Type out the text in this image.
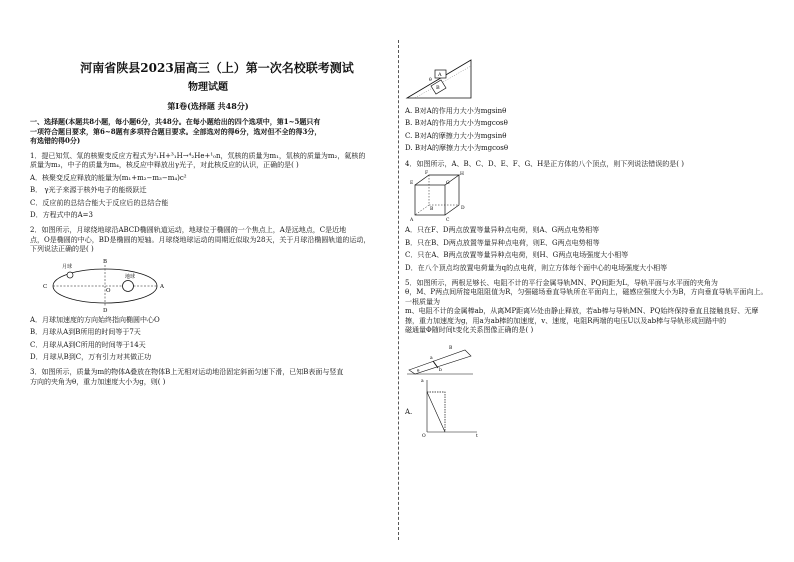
河南省陕县2023届高三（上）第一次名校联考测试
物理试题
第Ⅰ卷(选择题 共48分)

一、选择题(本题共8小题，每小题6分，共48分。在每小题给出的四个选项中，第1~5题只有

一项符合题目要求，第6~8题有多项符合题目要求。全部选对的得6分，选对但不全的得3分，

有选错的得0分)

1．提已知氘、氚的核聚变反应方程式为²₁H+³₁H→⁴₂He+¹₀n，氘核的质量为m₁，氚核的质量为m₂，氦核的

质量为m₃，中子的质量为m₄，核反应中释放出γ光子，对此核反应的认识，正确的是( )

A．核聚变反应释放的能量为(m₁+m₂−m₃−m₄)c²

B． γ光子来源于核外电子的能级跃迁

C．反应前的总结合能大于反应后的总结合能

D．方程式中的A=3

2．如图所示，月球绕地球沿ABCD椭圆轨道运动，地球位于椭圆的一个焦点上，A是远地点，C是近地

点，O是椭圆的中心，BD是椭圆的短轴。月球绕地球运动的周期近似取为28天，关于月球沿椭圆轨道的运动，

下列说法正确的是( )

月球
地球
B
D
C	A
O

A．月球加速度的方向始终指向椭圆中心O

B．月球从A到B所用的时间等于7天

C．月球从A到C所用的时间等于14天

D．月球从B到C，万有引力对其做正功

3．如图所示，质量为m的物体A叠放在物体B上无相对运动地沿固定斜面匀速下滑，已知B表面与竖直

方向的夹角为θ，重力加速度大小为g，则( )

A
B
θ

A. B对A的作用力大小为mgsinθ

B. B对A的作用力大小为mgcosθ

C. B对A的摩擦力大小为mgsinθ

D. B对A的摩擦力大小为mgcosθ

4．如图所示，A、B、C、D、E、F、G、H是正方体的八个顶点，则下列说法错误的是( )

E	G
H
F
A	C
B	D

A．只在F、D两点放置等量异种点电荷，则A、G两点电势相等

B．只在B、D两点放置等量异种点电荷，则E、G两点电势相等

C．只在A、B两点放置等量异种点电荷，则H、G两点电场强度大小相等

D．在八个顶点均放置电荷量为q的点电荷，则立方体每个面中心的电场强度大小相等

5．如图所示，两根足够长、电阻不计的平行金属导轨MN、PQ间距为L，导轨平面与水平面的夹角为

θ，M、P两点间所接电阻阻值为R，匀强磁场垂直导轨所在平面向上，磁感应强度大小为B，方向垂直导轨平面向上。一根质量为

m、电阻不计的金属棒ab，从离MP距离½处由静止释放，若ab棒与导轨MN、PQ始终保持垂直且接触良好、无摩

擦，重力加速度为g，用a为ab棒的加速度，v、速度，电阻R两端的电压U以及ab棒与导轨形成回路中的

磁通量Φ随时间t变化关系图像正确的是( )

a
b
B
θ
A.
a
t
O
